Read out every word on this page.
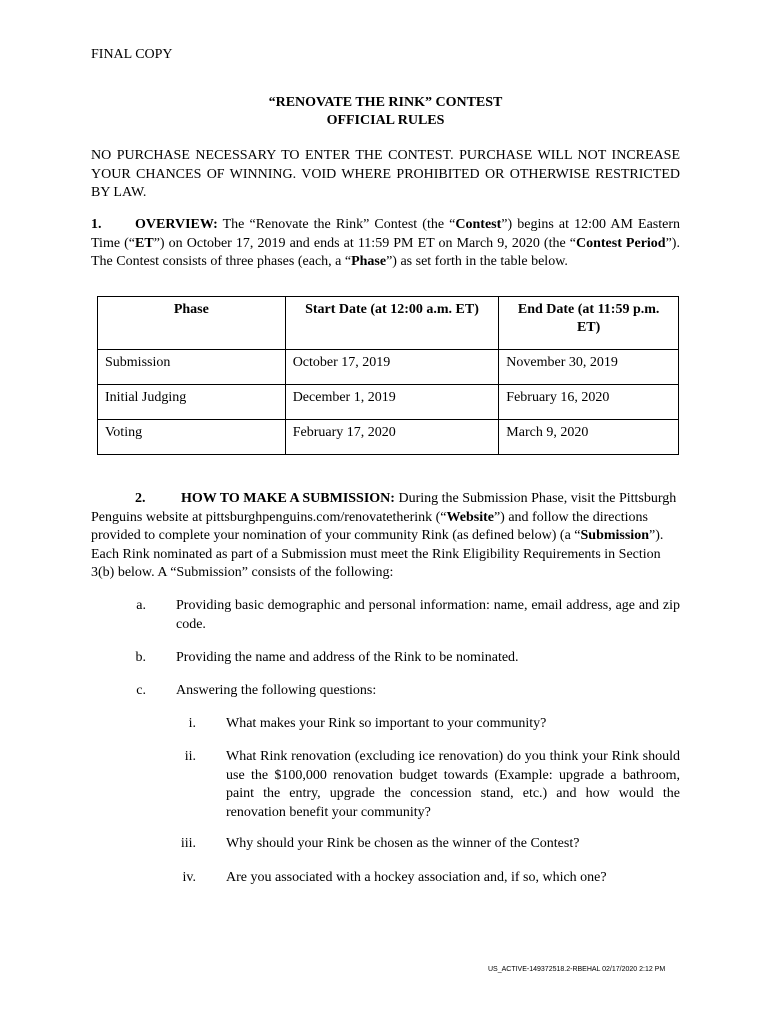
FINAL COPY
“RENOVATE THE RINK” CONTEST
OFFICIAL RULES
NO PURCHASE NECESSARY TO ENTER THE CONTEST. PURCHASE WILL NOT INCREASE YOUR CHANCES OF WINNING. VOID WHERE PROHIBITED OR OTHERWISE RESTRICTED BY LAW.
1. OVERVIEW: The “Renovate the Rink” Contest (the “Contest”) begins at 12:00 AM Eastern Time (“ET”) on October 17, 2019 and ends at 11:59 PM ET on March 9, 2020 (the “Contest Period”). The Contest consists of three phases (each, a “Phase”) as set forth in the table below.
Phase	Start Date (at 12:00 a.m. ET)	End Date (at 11:59 p.m. ET)
Submission	October 17, 2019	November 30, 2019
Initial Judging	December 1, 2019	February 16, 2020
Voting	February 17, 2020	March 9, 2020
2.	HOW TO MAKE A SUBMISSION: During the Submission Phase, visit the Pittsburgh Penguins website at pittsburghpenguins.com/renovatetherink (“Website”) and follow the directions provided to complete your nomination of your community Rink (as defined below) (a “Submission”). Each Rink nominated as part of a Submission must meet the Rink Eligibility Requirements in Section 3(b) below. A “Submission” consists of the following:
a. Providing basic demographic and personal information: name, email address, age and zip code.
b. Providing the name and address of the Rink to be nominated.
c. Answering the following questions:
i. What makes your Rink so important to your community?
ii. What Rink renovation (excluding ice renovation) do you think your Rink should use the $100,000 renovation budget towards (Example: upgrade a bathroom, paint the entry, upgrade the concession stand, etc.) and how would the renovation benefit your community?
iii. Why should your Rink be chosen as the winner of the Contest?
iv. Are you associated with a hockey association and, if so, which one?
US_ACTIVE-149372518.2-RBEHAL 02/17/2020 2:12 PM
